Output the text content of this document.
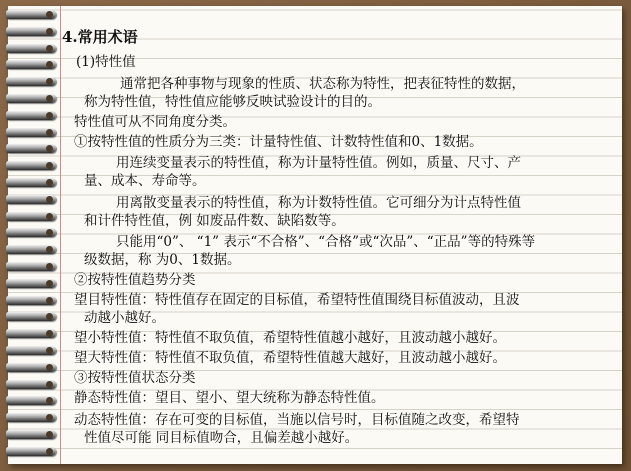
4.常用术语
(1)特性值
通常把各种事物与现象的性质、状态称为特性，把表征特性的数据，
称为特性值，特性值应能够反映试验设计的目的。
特性值可从不同角度分类。
①按特性值的性质分为三类：计量特性值、计数特性值和0、1数据。
用连续变量表示的特性值，称为计量特性值。例如，质量、尺寸、产
量、成本、寿命等。
用离散变量表示的特性值，称为计数特性值。它可细分为计点特性值
和计件特性值，例 如废品件数、缺陷数等。
只能用“0”、 “1” 表示“不合格”、“合格”或“次品”、“正品”等的特殊等
级数据，称 为0、1数据。
②按特性值趋势分类
望目特性值：特性值存在固定的目标值，希望特性值围绕目标值波动，且波
动越小越好。
望小特性值：特性值不取负值，希望特性值越小越好，且波动越小越好。
望大特性值：特性值不取负值，希望特性值越大越好，且波动越小越好。
③按特性值状态分类
静态特性值：望目、望小、望大统称为静态特性值。
动态特性值：存在可变的目标值，当施以信号时，目标值随之改变，希望特
性值尽可能 同目标值吻合，且偏差越小越好。
